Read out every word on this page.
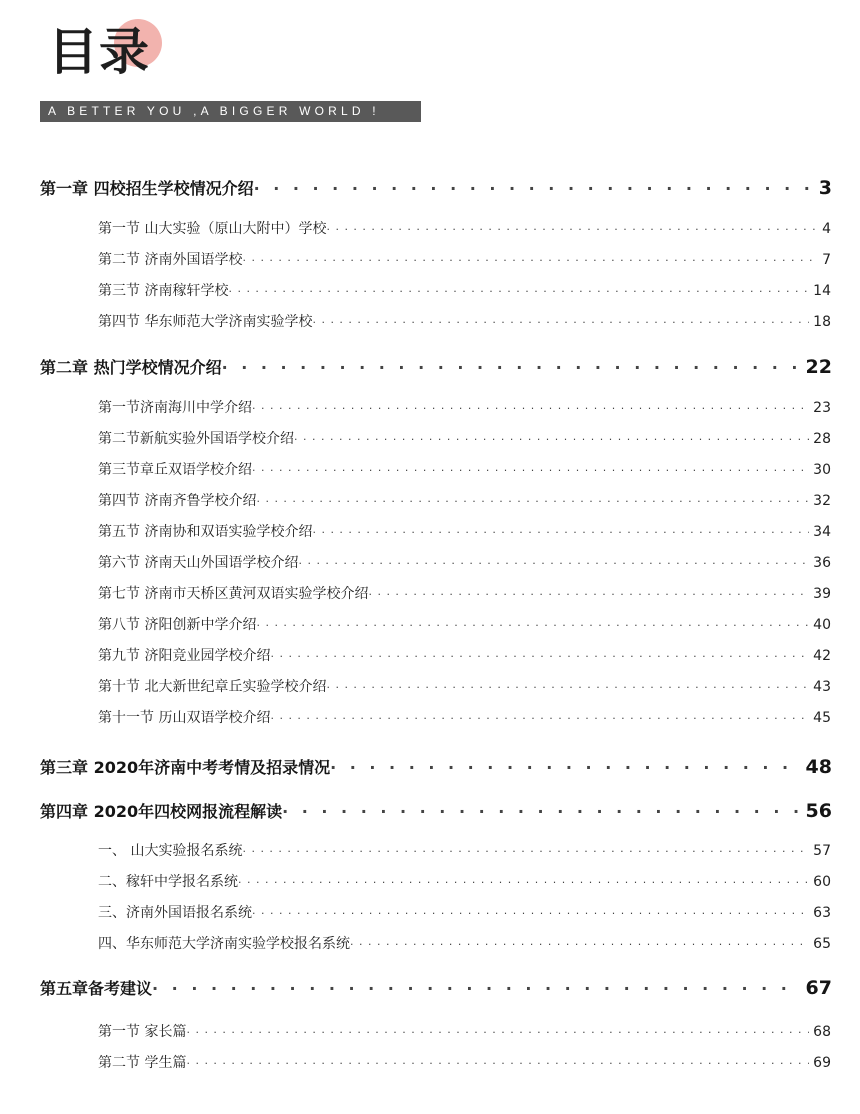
目录
A BETTER YOU ,A BIGGER WORLD !
第一章 四校招生学校情况介绍 · · ·	3
第一节 山大实验（原山大附中）学校 · · ·	4
第二节 济南外国语学校 · · ·	7
第三节 济南稼轩学校 · · ·	14
第四节 华东师范大学济南实验学校 · · ·	18
第二章 热门学校情况介绍 · · ·	22
第一节济南海川中学介绍 · · ·	23
第二节新航实验外国语学校介绍 · · ·	28
第三节章丘双语学校介绍 · · ·	30
第四节 济南齐鲁学校介绍 · · ·	32
第五节 济南协和双语实验学校介绍 · · ·	34
第六节 济南天山外国语学校介绍 · · ·	36
第七节 济南市天桥区黄河双语实验学校介绍 · · ·	39
第八节 济阳创新中学介绍 · · ·	40
第九节 济阳竞业园学校介绍 · · ·	42
第十节 北大新世纪章丘实验学校介绍 · · ·	43
第十一节 历山双语学校介绍 · · ·	45
第三章 2020年济南中考考情及招录情况 · · ·	48
第四章 2020年四校网报流程解读 · · ·	56
一、 山大实验报名系统 · · ·	57
二、稼轩中学报名系统 · · ·	60
三、济南外国语报名系统 · · ·	63
四、华东师范大学济南实验学校报名系统 · · ·	65
第五章备考建议 · · ·	67
第一节 家长篇 · · ·	68
第二节 学生篇 · · ·	69
